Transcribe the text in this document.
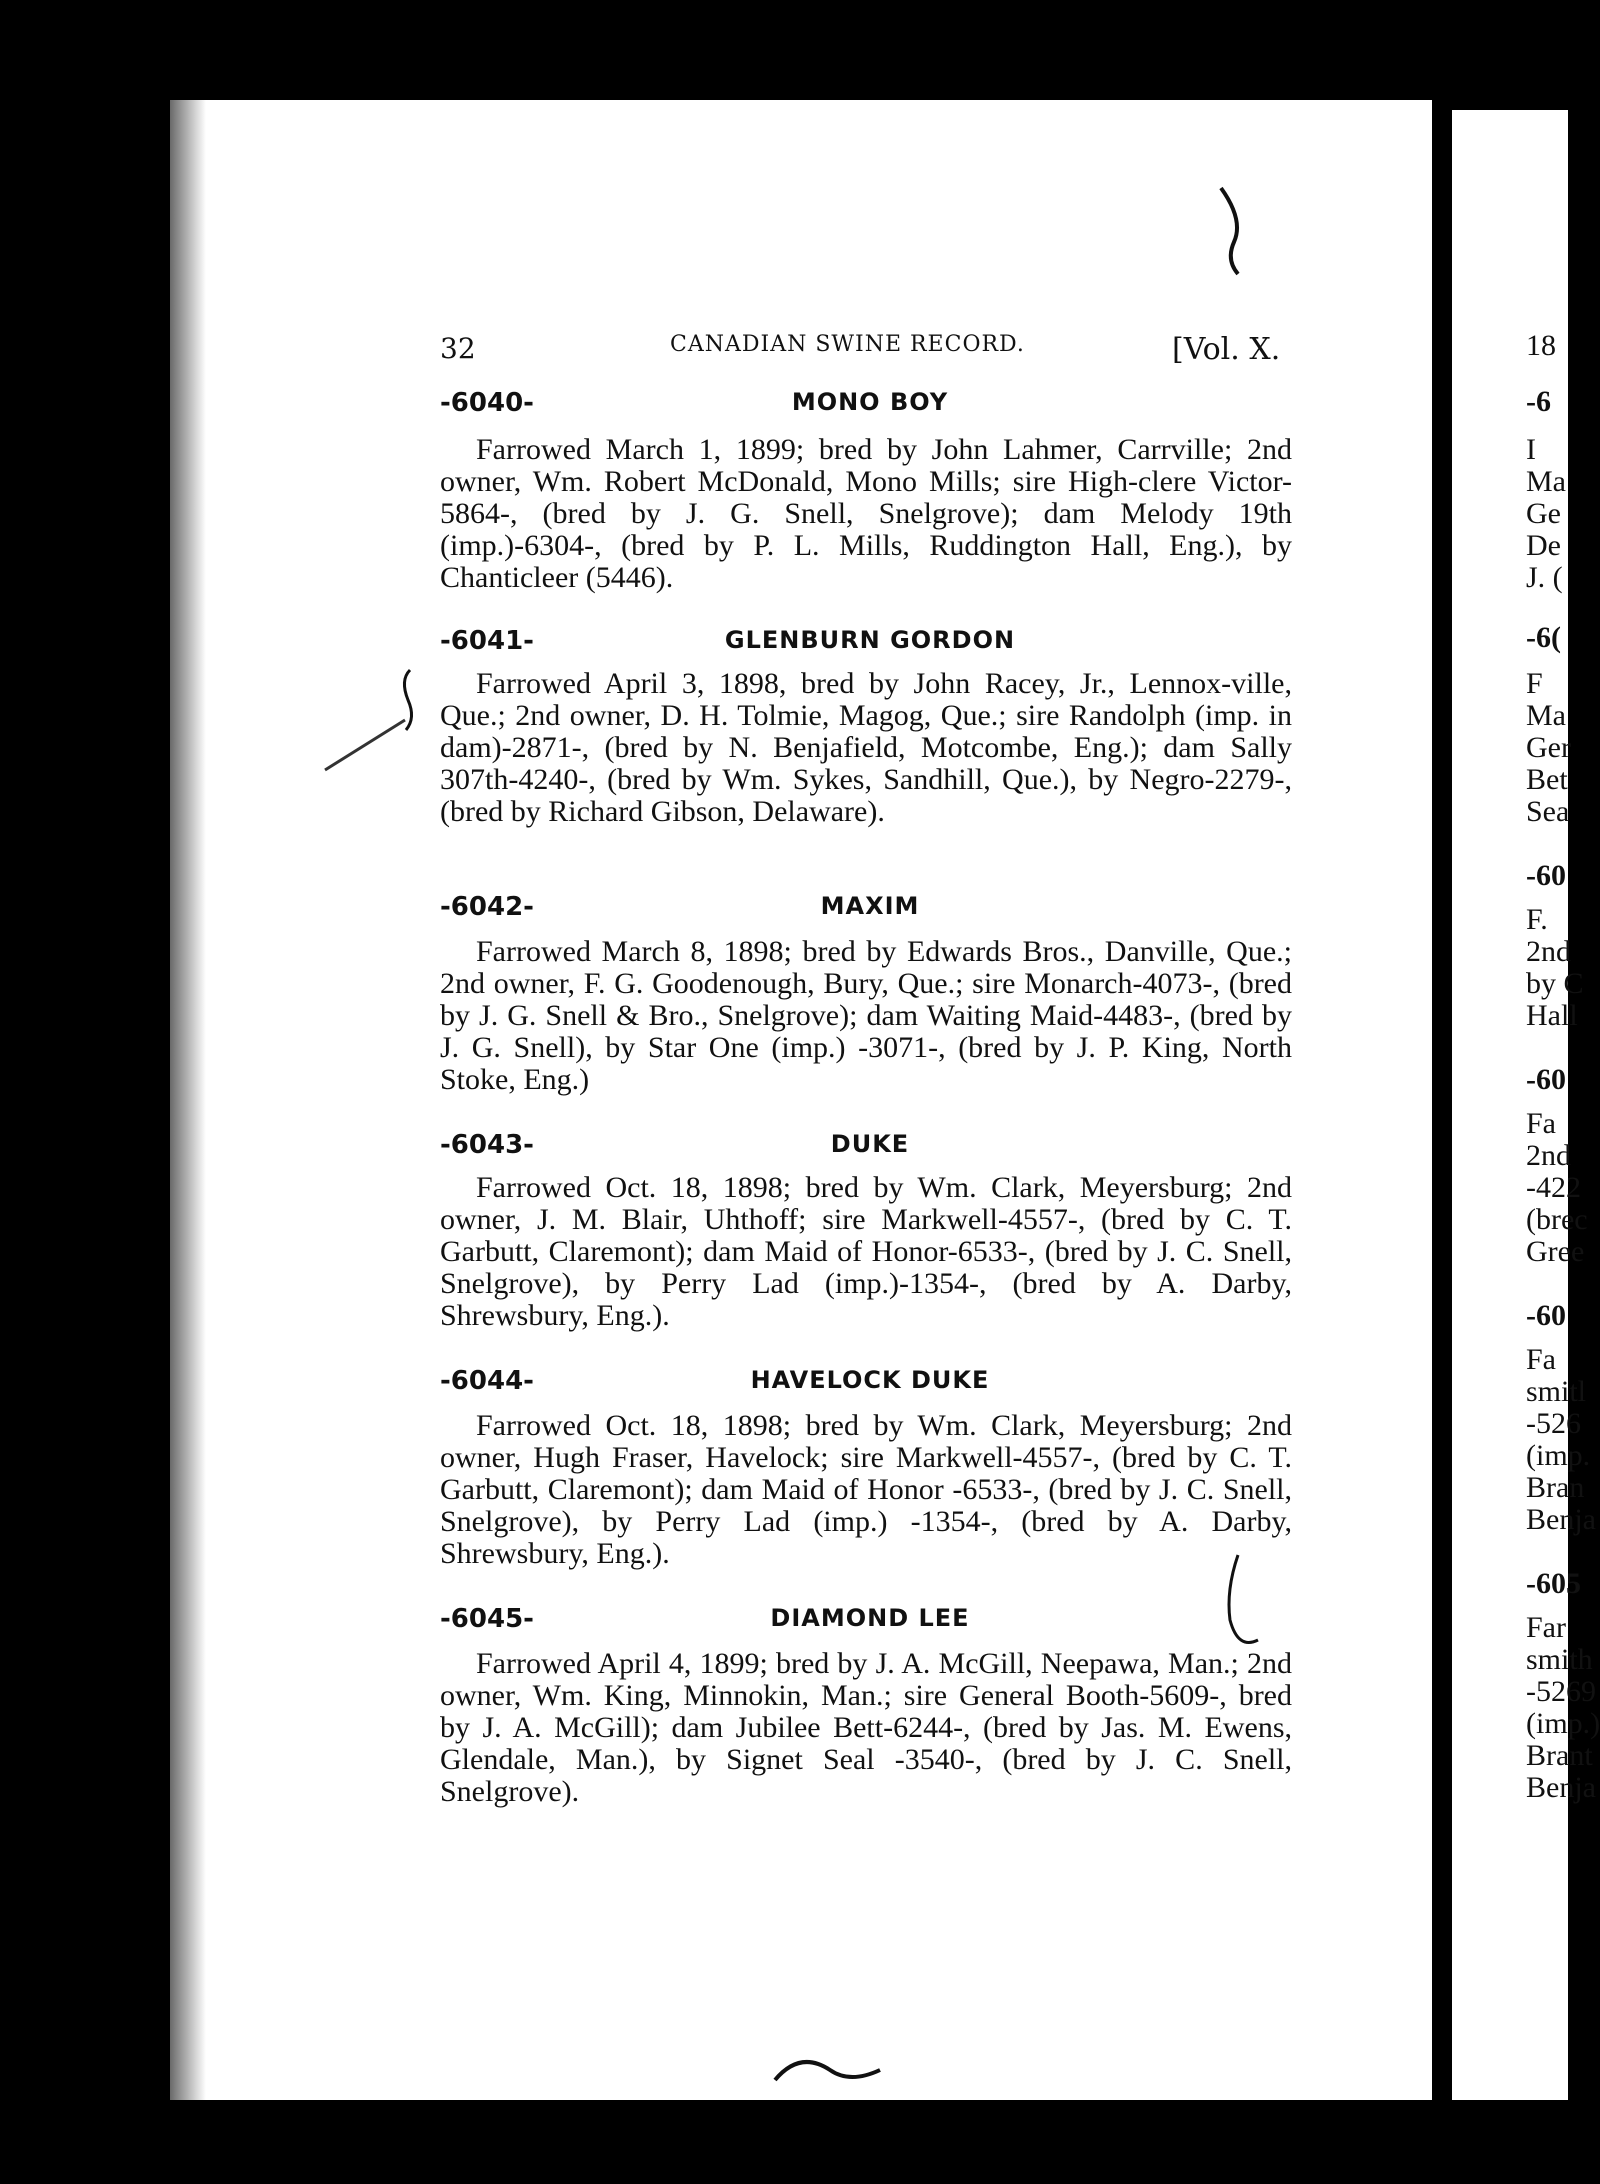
32	CANADIAN SWINE RECORD.	[Vol. X.
-6040-	MONO BOY
Farrowed March 1, 1899; bred by John Lahmer, Carrville; 2nd owner, Wm. Robert McDonald, Mono Mills; sire High-clere Victor-5864-, (bred by J. G. Snell, Snelgrove); dam Melody 19th (imp.)-6304-, (bred by P. L. Mills, Ruddington Hall, Eng.), by Chanticleer (5446).
-6041-	GLENBURN GORDON
Farrowed April 3, 1898, bred by John Racey, Jr., Lennox-ville, Que.; 2nd owner, D. H. Tolmie, Magog, Que.; sire Randolph (imp. in dam)-2871-, (bred by N. Benjafield, Motcombe, Eng.); dam Sally 307th-4240-, (bred by Wm. Sykes, Sandhill, Que.), by Negro-2279-, (bred by Richard Gibson, Delaware).
-6042-	MAXIM
Farrowed March 8, 1898; bred by Edwards Bros., Danville, Que.; 2nd owner, F. G. Goodenough, Bury, Que.; sire Monarch-4073-, (bred by J. G. Snell & Bro., Snelgrove); dam Waiting Maid-4483-, (bred by J. G. Snell), by Star One (imp.) -3071-, (bred by J. P. King, North Stoke, Eng.)
-6043-	DUKE
Farrowed Oct. 18, 1898; bred by Wm. Clark, Meyersburg; 2nd owner, J. M. Blair, Uhthoff; sire Markwell-4557-, (bred by C. T. Garbutt, Claremont); dam Maid of Honor-6533-, (bred by J. C. Snell, Snelgrove), by Perry Lad (imp.)-1354-, (bred by A. Darby, Shrewsbury, Eng.).
-6044-	HAVELOCK DUKE
Farrowed Oct. 18, 1898; bred by Wm. Clark, Meyersburg; 2nd owner, Hugh Fraser, Havelock; sire Markwell-4557-, (bred by C. T. Garbutt, Claremont); dam Maid of Honor -6533-, (bred by J. C. Snell, Snelgrove), by Perry Lad (imp.) -1354-, (bred by A. Darby, Shrewsbury, Eng.).
-6045-	DIAMOND LEE
Farrowed April 4, 1899; bred by J. A. McGill, Neepawa, Man.; 2nd owner, Wm. King, Minnokin, Man.; sire General Booth-5609-, bred by J. A. McGill); dam Jubilee Bett-6244-, (bred by Jas. M. Ewens, Glendale, Man.), by Signet Seal -3540-, (bred by J. C. Snell, Snelgrove).
18
-6
I
Ma
Ge
De
J. (
-6(
F
Ma
Ger
Bet
Sea
-60
F.
2nd
by C
Hall
-60
Fa
2nd
-422
(brec
Gree
-60
Fa
smitl
-526
(imp.
Bran
Benja
-605
Far
smith
-5269
(imp.)
Brant
Benja
